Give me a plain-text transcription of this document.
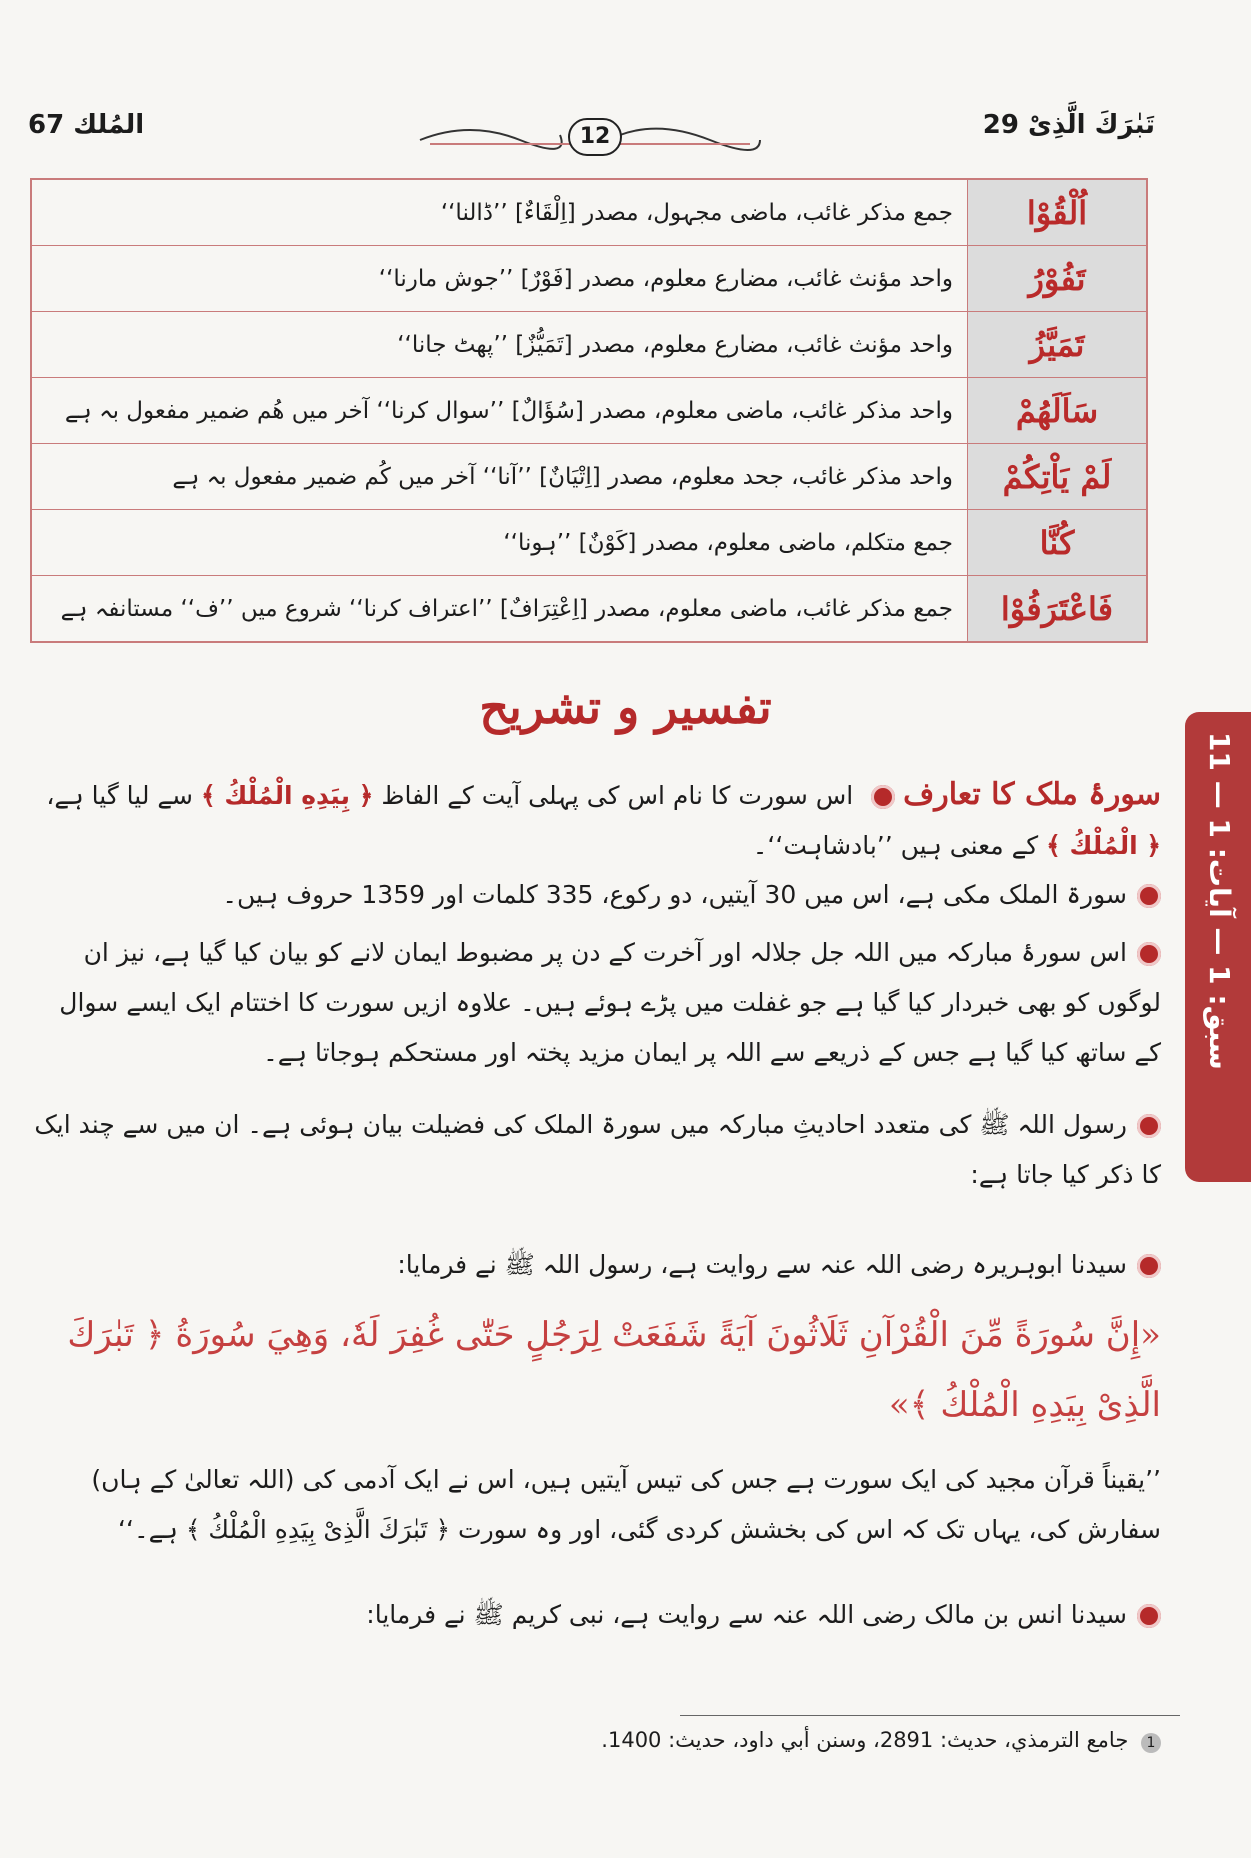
المُلك 67	12	تَبٰرَكَ الَّذِیْ 29
جمع مذکر غائب، ماضی مجہول، مصدر [اِلْقَاءٌ] ’’ڈالنا‘‘	اُلْقُوْا
واحد مؤنث غائب، مضارع معلوم، مصدر [فَوْرٌ] ’’جوش مارنا‘‘	تَفُوْرُ
واحد مؤنث غائب، مضارع معلوم، مصدر [تَمَیُّزٌ] ’’پھٹ جانا‘‘	تَمَیَّزُ
واحد مذکر غائب، ماضی معلوم، مصدر [سُؤَالٌ] ’’سوال کرنا‘‘ آخر میں ھُم ضمیر مفعول بہ ہے	سَاَلَهُمْ
واحد مذکر غائب، جحد معلوم، مصدر [اِتْیَانٌ] ’’آنا‘‘ آخر میں کُم ضمیر مفعول بہ ہے	لَمْ يَاْتِكُمْ
جمع متکلم، ماضی معلوم، مصدر [کَوْنٌ] ’’ہونا‘‘	كُنَّا
جمع مذکر غائب، ماضی معلوم، مصدر [اِعْتِرَافٌ] ’’اعتراف کرنا‘‘ شروع میں ’’ف‘‘ مستانفہ ہے	فَاعْتَرَفُوْا
تفسیر و تشریح
سبق: 1 — آیات: 1 — 11
سورۂ ملک کا تعارف  اس سورت کا نام اس کی پہلی آیت کے الفاظ ﴿ بِيَدِهِ الْمُلْكُ ﴾ سے لیا گیا ہے،
﴿ الْمُلْكُ ﴾ کے معنی ہیں ’’بادشاہت‘‘۔
سورۃ الملک مکی ہے، اس میں 30 آیتیں، دو رکوع، 335 کلمات اور 1359 حروف ہیں۔
اس سورۂ مبارکہ میں اللہ جل جلالہ اور آخرت کے دن پر مضبوط ایمان لانے کو بیان کیا گیا ہے، نیز ان لوگوں کو بھی خبردار کیا گیا ہے جو غفلت میں پڑے ہوئے ہیں۔ علاوہ ازیں سورت کا اختتام ایک ایسے سوال کے ساتھ کیا گیا ہے جس کے ذریعے سے اللہ پر ایمان مزید پختہ اور مستحکم ہوجاتا ہے۔
رسول اللہ ﷺ کی متعدد احادیثِ مبارکہ میں سورۃ الملک کی فضیلت بیان ہوئی ہے۔ ان میں سے چند ایک کا ذکر کیا جاتا ہے:
سیدنا ابوہریرہ رضی اللہ عنہ سے روایت ہے، رسول اللہ ﷺ نے فرمایا:
«إِنَّ سُورَةً مِّنَ الْقُرْآنِ ثَلَاثُونَ آيَةً شَفَعَتْ لِرَجُلٍ حَتّٰى غُفِرَ لَهٗ، وَهِيَ سُورَةُ ﴿ تَبٰرَكَ الَّذِیْ بِيَدِهِ الْمُلْكُ ﴾»
’’یقیناً قرآن مجید کی ایک سورت ہے جس کی تیس آیتیں ہیں، اس نے ایک آدمی کی (اللہ تعالیٰ کے ہاں) سفارش کی، یہاں تک کہ اس کی بخشش کردی گئی، اور وہ سورت ﴿ تَبٰرَكَ الَّذِیْ بِيَدِهِ الْمُلْكُ ﴾ ہے۔‘‘
سیدنا انس بن مالک رضی اللہ عنہ سے روایت ہے، نبی کریم ﷺ نے فرمایا:
1 جامع الترمذي، حديث: 2891، وسنن أبي داود، حديث: 1400.
